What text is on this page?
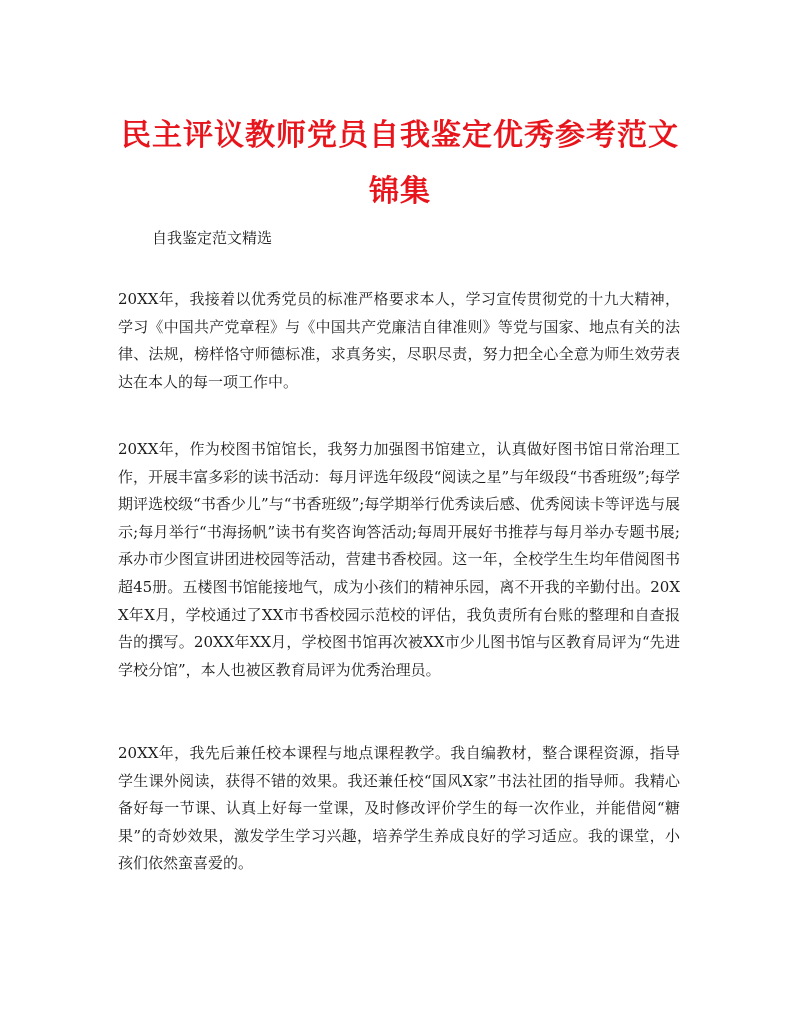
民主评议教师党员自我鉴定优秀参考范文锦集

自我鉴定范文精选

20XX年，我接着以优秀党员的标准严格要求本人，学习宣传贯彻党的十九大精神，学习《中国共产党章程》与《中国共产党廉洁自律准则》等党与国家、地点有关的法律、法规，榜样恪守师德标准，求真务实，尽职尽责，努力把全心全意为师生效劳表达在本人的每一项工作中。

20XX年，作为校图书馆馆长，我努力加强图书馆建立，认真做好图书馆日常治理工作，开展丰富多彩的读书活动：每月评选年级段“阅读之星”与年级段“书香班级”;每学期评选校级“书香少儿”与“书香班级”;每学期举行优秀读后感、优秀阅读卡等评选与展示;每月举行“书海扬帆”读书有奖咨询答活动;每周开展好书推荐与每月举办专题书展;承办市少图宣讲团进校园等活动，营建书香校园。这一年，全校学生生均年借阅图书超45册。五楼图书馆能接地气，成为小孩们的精神乐园，离不开我的辛勤付出。20XX年X月，学校通过了XX市书香校园示范校的评估，我负责所有台账的整理和自查报告的撰写。20XX年XX月，学校图书馆再次被XX市少儿图书馆与区教育局评为“先进学校分馆”，本人也被区教育局评为优秀治理员。

20XX年，我先后兼任校本课程与地点课程教学。我自编教材，整合课程资源，指导学生课外阅读，获得不错的效果。我还兼任校“国风X家”书法社团的指导师。我精心备好每一节课、认真上好每一堂课，及时修改评价学生的每一次作业，并能借阅“糖果”的奇妙效果，激发学生学习兴趣，培养学生养成良好的学习适应。我的课堂，小孩们依然蛮喜爱的。
